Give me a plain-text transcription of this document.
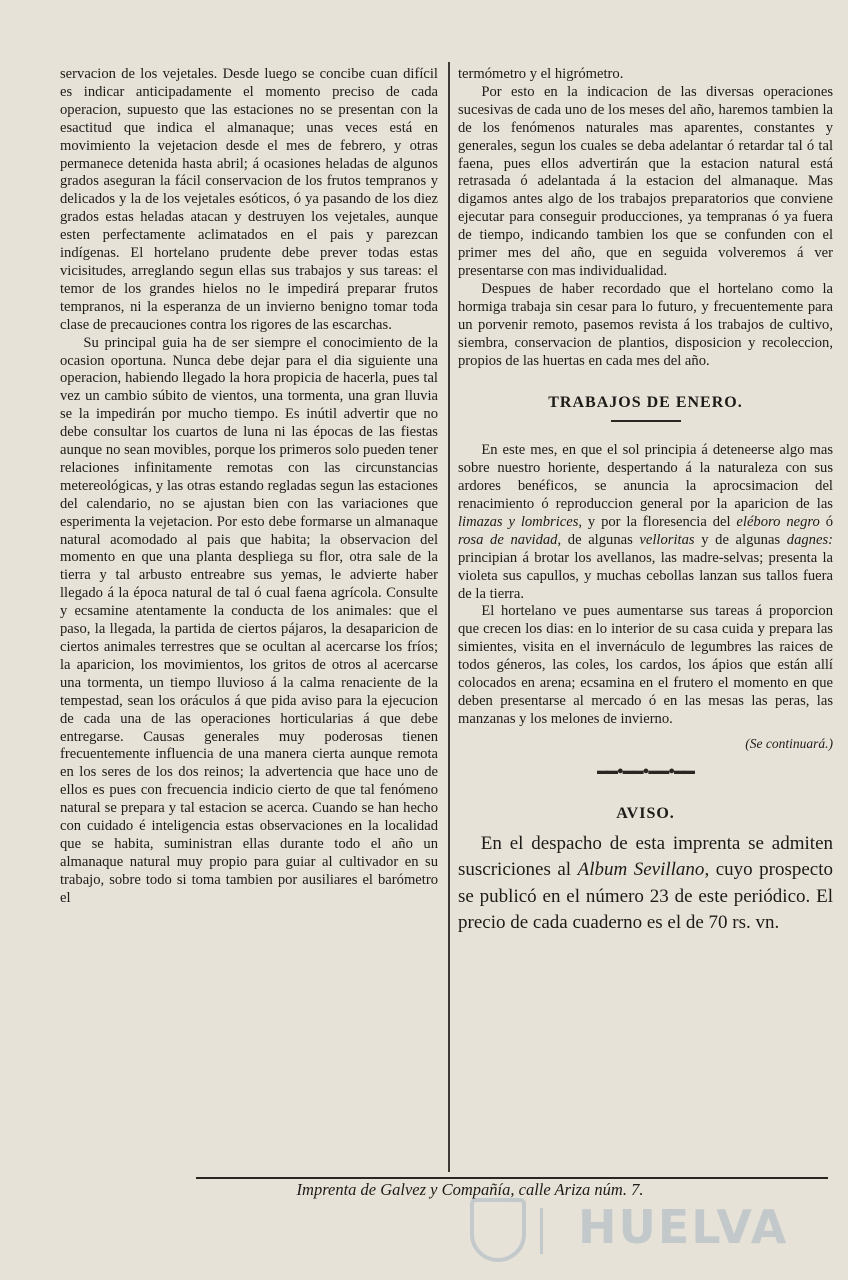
servacion de los vejetales. Desde luego se concibe cuan difícil es indicar anticipadamente el momento preciso de cada operacion, supuesto que las estaciones no se presentan con la esactitud que indica el almanaque; unas veces está en movimiento la vejetacion desde el mes de febrero, y otras permanece detenida hasta abril; á ocasiones heladas de algunos grados aseguran la fácil conservacion de los frutos tempranos y delicados y la de los vejetales esóticos, ó ya pasando de los diez grados estas heladas atacan y destruyen los vejetales, aunque esten perfectamente aclimatados en el pais y parezcan indígenas. El hortelano prudente debe prever todas estas vicisitudes, arreglando segun ellas sus trabajos y sus tareas: el temor de los grandes hielos no le impedirá preparar frutos tempranos, ni la esperanza de un invierno benigno tomar toda clase de precauciones contra los rigores de las escarchas.

Su principal guia ha de ser siempre el conocimiento de la ocasion oportuna. Nunca debe dejar para el dia siguiente una operacion, habiendo llegado la hora propicia de hacerla, pues tal vez un cambio súbito de vientos, una tormenta, una gran lluvia se la impedirán por mucho tiempo. Es inútil advertir que no debe consultar los cuartos de luna ni las épocas de las fiestas aunque no sean movibles, porque los primeros solo pueden tener relaciones infinitamente remotas con las circunstancias metereológicas, y las otras estando regladas segun las estaciones del calendario, no se ajustan bien con las variaciones que esperimenta la vejetacion. Por esto debe formarse un almanaque natural acomodado al pais que habita; la observacion del momento en que una planta despliega su flor, otra sale de la tierra y tal arbusto entreabre sus yemas, le advierte haber llegado á la época natural de tal ó cual faena agrícola. Consulte y ecsamine atentamente la conducta de los animales: que el paso, la llegada, la partida de ciertos pájaros, la desaparicion de ciertos animales terrestres que se ocultan al acercarse los fríos; la aparicion, los movimientos, los gritos de otros al acercarse una tormenta, un tiempo lluvioso á la calma renaciente de la tempestad, sean los oráculos á que pida aviso para la ejecucion de cada una de las operaciones horticularias á que debe entregarse. Causas generales muy poderosas tienen frecuentemente influencia de una manera cierta aunque remota en los seres de los dos reinos; la advertencia que hace uno de ellos es pues con frecuencia indicio cierto de que tal fenómeno natural se prepara y tal estacion se acerca. Cuando se han hecho con cuidado é inteligencia estas observaciones en la localidad que se habita, suministran ellas durante todo el año un almanaque natural muy propio para guiar al cultivador en su trabajo, sobre todo si toma tambien por ausiliares el barómetro el

termómetro y el higrómetro.

Por esto en la indicacion de las diversas operaciones sucesivas de cada uno de los meses del año, haremos tambien la de los fenómenos naturales mas aparentes, constantes y generales, segun los cuales se deba adelantar ó retardar tal ó tal faena, pues ellos advertirán que la estacion natural está retrasada ó adelantada á la estacion del almanaque. Mas digamos antes algo de los trabajos preparatorios que conviene ejecutar para conseguir producciones, ya tempranas ó ya fuera de tiempo, indicando tambien los que se confunden con el primer mes del año, que en seguida volveremos á ver presentarse con mas individualidad.

Despues de haber recordado que el hortelano como la hormiga trabaja sin cesar para lo futuro, y frecuentemente para un porvenir remoto, pasemos revista á los trabajos de cultivo, siembra, conservacion de plantios, disposicion y recoleccion, propios de las huertas en cada mes del año.

TRABAJOS DE ENERO.

En este mes, en que el sol principia á deteneerse algo mas sobre nuestro horiente, despertando á la naturaleza con sus ardores benéficos, se anuncia la aprocsimacion del renacimiento ó reproduccion general por la aparicion de las limazas y lombrices, y por la floresencia del eléboro negro ó rosa de navidad, de algunas velloritas y de algunas dagnes: principian á brotar los avellanos, las madre-selvas; presenta la violeta sus capullos, y muchas cebollas lanzan sus tallos fuera de la tierra.

El hortelano ve pues aumentarse sus tareas á proporcion que crecen los dias: en lo interior de su casa cuida y prepara las simientes, visita en el invernáculo de legumbres las raices de todos géneros, las coles, los cardos, los ápios que están allí colocados en arena; ecsamina en el frutero el momento en que deben presentarse al mercado ó en las mesas las peras, las manzanas y los melones de invierno.

(Se continuará.)
▬▬●▬▬●▬▬●▬▬
AVISO.

En el despacho de esta imprenta se admiten suscriciones al Album Sevillano, cuyo prospecto se publicó en el número 23 de este periódico. El precio de cada cuaderno es el de 70 rs. vn.

Imprenta de Galvez y Compañía, calle Ariza núm. 7.
HUELVA
